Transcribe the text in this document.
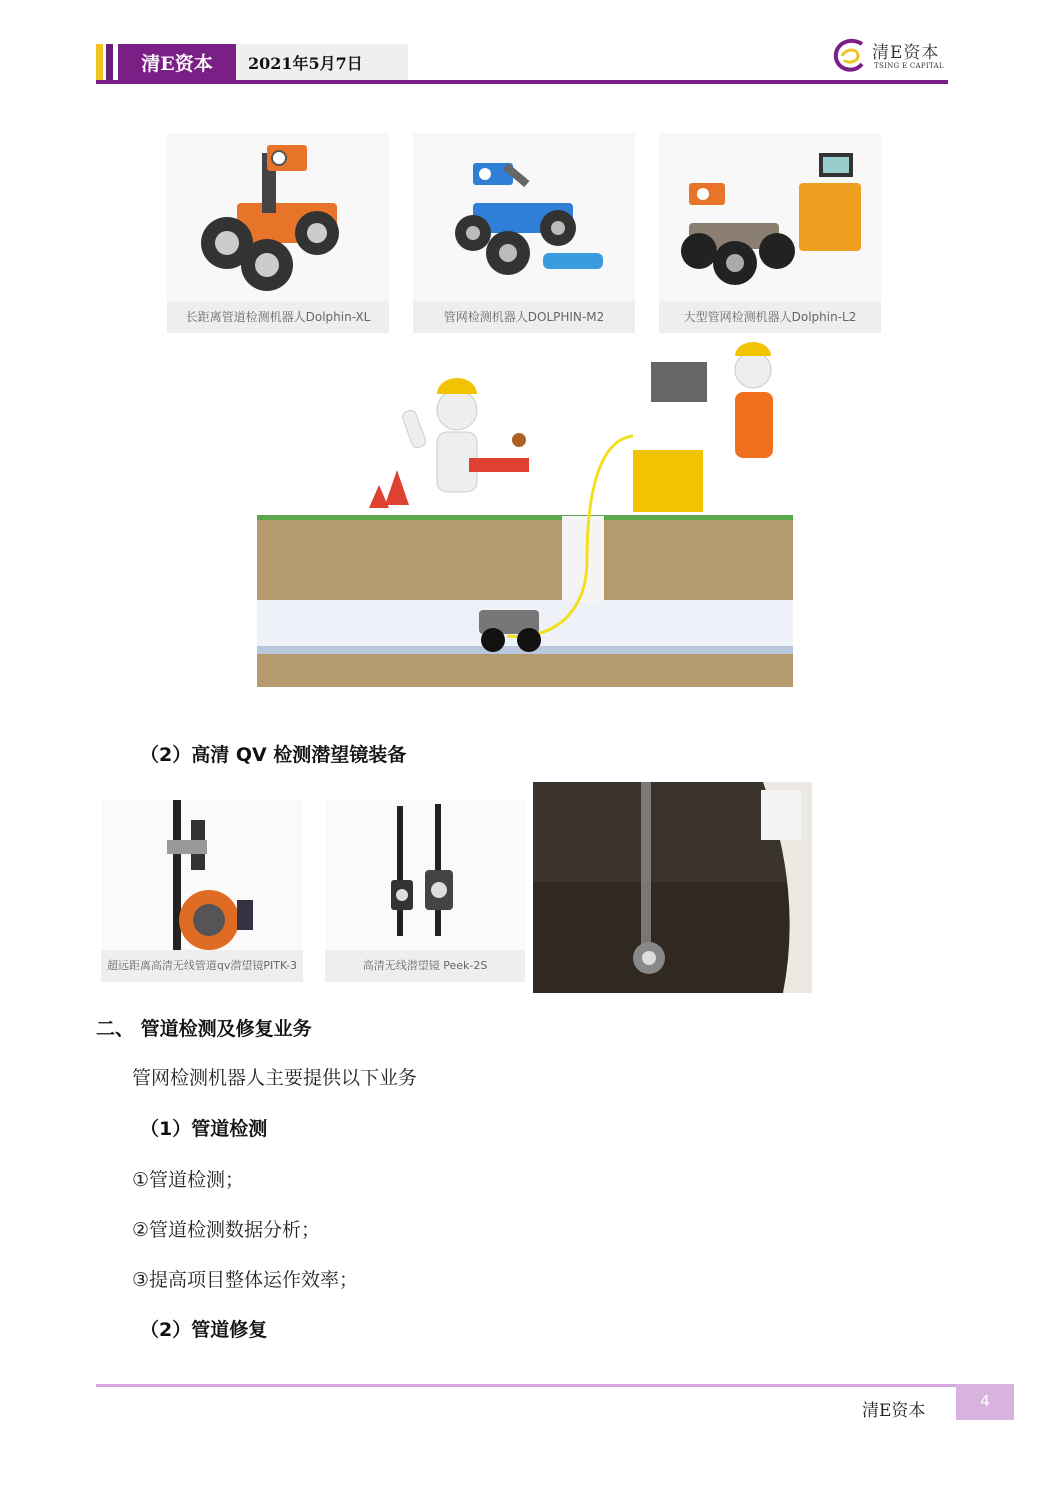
清E资本	2021年5月7日
清E资本
TSING E CAPITAL
长距离管道检测机器人Dolphin-XL	管网检测机器人DOLPHIN-M2	大型管网检测机器人Dolphin-L2
（2）高清 QV 检测潜望镜装备
超远距离高清无线管道qv潜望镜PITK-3	高清无线潜望镜 Peek-2S
二、 管道检测及修复业务
管网检测机器人主要提供以下业务
（1）管道检测
①管道检测；
②管道检测数据分析；
③提高项目整体运作效率；
（2）管道修复
清E资本	4
